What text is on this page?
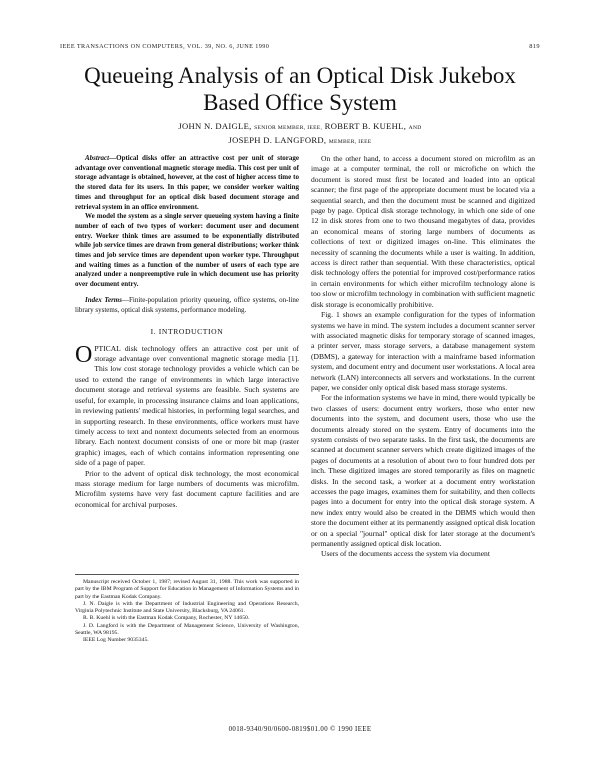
IEEE TRANSACTIONS ON COMPUTERS, VOL. 39, NO. 6, JUNE 1990	819
Queueing Analysis of an Optical Disk Jukebox
Based Office System
JOHN N. DAIGLE, SENIOR MEMBER, IEEE, ROBERT B. KUEHL, AND
JOSEPH D. LANGFORD, MEMBER, IEEE

Abstract—Optical disks offer an attractive cost per unit of storage advantage over conventional magnetic storage media. This cost per unit of storage advantage is obtained, however, at the cost of higher access time to the stored data for its users. In this paper, we consider worker waiting times and throughput for an optical disk based document storage and retrieval system in an office environment.

We model the system as a single server queueing system having a finite number of each of two types of worker: document user and document entry. Worker think times are assumed to be exponentially distributed while job service times are drawn from general distributions; worker think times and job service times are dependent upon worker type. Throughput and waiting times as a function of the number of users of each type are analyzed under a nonpreemptive rule in which document use has priority over document entry.

Index Terms—Finite-population priority queueing, office systems, on-line library systems, optical disk systems, performance modeling.

I. INTRODUCTION

OPTICAL disk technology offers an attractive cost per unit of storage advantage over conventional magnetic storage media [1]. This low cost storage technology provides a vehicle which can be used to extend the range of environments in which large interactive document storage and retrieval systems are feasible. Such systems are useful, for example, in processing insurance claims and loan applications, in reviewing patients' medical histories, in performing legal searches, and in supporting research. In these environments, office workers must have timely access to text and nontext documents selected from an enormous library. Each nontext document consists of one or more bit map (raster graphic) images, each of which contains information representing one side of a page of paper.

Prior to the advent of optical disk technology, the most economical mass storage medium for large numbers of documents was microfilm. Microfilm systems have very fast document capture facilities and are economical for archival purposes.

Manuscript received October 1, 1987; revised August 31, 1988. This work was supported in part by the IBM Program of Support for Education in Management of Information Systems and in part by the Eastman Kodak Company.

J. N. Daigle is with the Department of Industrial Engineering and Operations Research, Virginia Polytechnic Institute and State University, Blacksburg, VA 24061.

R. B. Kuehl is with the Eastman Kodak Company, Rochester, NY 14650.

J. D. Langford is with the Department of Management Science, University of Washington, Seattle, WA 98195.

IEEE Log Number 9035345.

On the other hand, to access a document stored on microfilm as an image at a computer terminal, the roll or microfiche on which the document is stored must first be located and loaded into an optical scanner; the first page of the appropriate document must be located via a sequential search, and then the document must be scanned and digitized page by page. Optical disk storage technology, in which one side of one 12 in disk stores from one to two thousand megabytes of data, provides an economical means of storing large numbers of documents as collections of text or digitized images on-line. This eliminates the necessity of scanning the documents while a user is waiting. In addition, access is direct rather than sequential. With these characteristics, optical disk technology offers the potential for improved cost/performance ratios in certain environments for which either microfilm technology alone is too slow or microfilm technology in combination with sufficient magnetic disk storage is economically prohibitive.

Fig. 1 shows an example configuration for the types of information systems we have in mind. The system includes a document scanner server with associated magnetic disks for temporary storage of scanned images, a printer server, mass storage servers, a database management system (DBMS), a gateway for interaction with a mainframe based information system, and document entry and document user workstations. A local area network (LAN) interconnects all servers and workstations. In the current paper, we consider only optical disk based mass storage systems.

For the information systems we have in mind, there would typically be two classes of users: document entry workers, those who enter new documents into the system, and document users, those who use the documents already stored on the system. Entry of documents into the system consists of two separate tasks. In the first task, the documents are scanned at document scanner servers which create digitized images of the pages of documents at a resolution of about two to four hundred dots per inch. These digitized images are stored temporarily as files on magnetic disks. In the second task, a worker at a document entry workstation accesses the page images, examines them for suitability, and then collects pages into a document for entry into the optical disk storage system. A new index entry would also be created in the DBMS which would then store the document either at its permanently assigned optical disk location or on a special "journal" optical disk for later storage at the document's permanently assigned optical disk location.

Users of the documents access the system via document

0018-9340/90/0600-0819$01.00 © 1990 IEEE
